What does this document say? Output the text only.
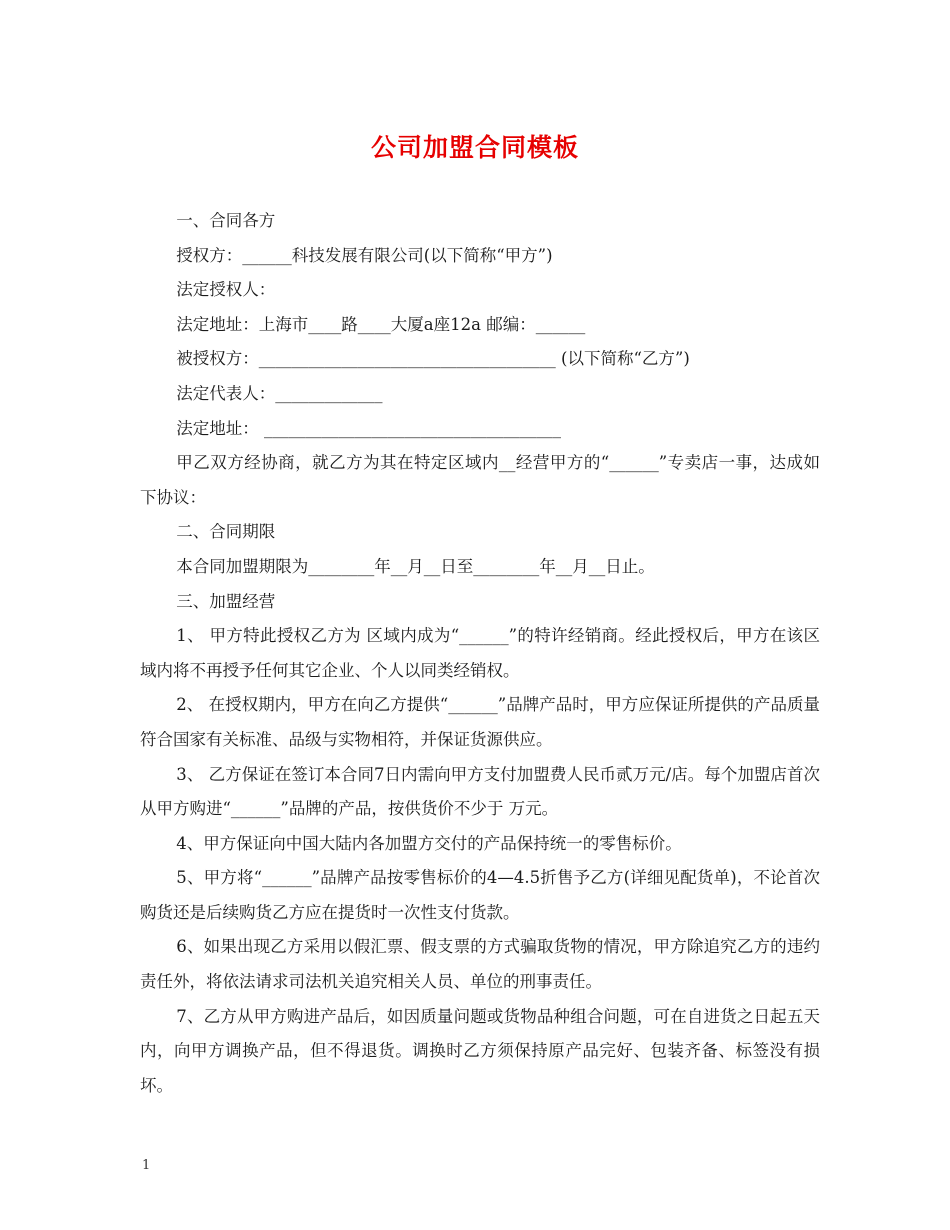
公司加盟合同模板

一、合同各方

授权方：______科技发展有限公司(以下简称“甲方”)

法定授权人：

法定地址：上海市____路____大厦a座12a 邮编：______

被授权方：____________________________________ (以下简称“乙方”)

法定代表人：_____________

法定地址： ____________________________________

甲乙双方经协商，就乙方为其在特定区域内__经营甲方的“______”专卖店一事，达成如下协议：

二、合同期限

本合同加盟期限为________年__月__日至________年__月__日止。

三、加盟经营

1、 甲方特此授权乙方为 区域内成为“______”的特许经销商。经此授权后，甲方在该区域内将不再授予任何其它企业、个人以同类经销权。

2、 在授权期内，甲方在向乙方提供“______”品牌产品时，甲方应保证所提供的产品质量符合国家有关标准、品级与实物相符，并保证货源供应。

3、 乙方保证在签订本合同7日内需向甲方支付加盟费人民币贰万元/店。每个加盟店首次从甲方购进“______”品牌的产品，按供货价不少于 万元。

4、甲方保证向中国大陆内各加盟方交付的产品保持统一的零售标价。

5、甲方将“______”品牌产品按零售标价的4—4.5折售予乙方(详细见配货单)，不论首次购货还是后续购货乙方应在提货时一次性支付货款。

6、如果出现乙方采用以假汇票、假支票的方式骗取货物的情况，甲方除追究乙方的违约责任外，将依法请求司法机关追究相关人员、单位的刑事责任。

7、乙方从甲方购进产品后，如因质量问题或货物品种组合问题，可在自进货之日起五天内，向甲方调换产品，但不得退货。调换时乙方须保持原产品完好、包装齐备、标签没有损坏。

1
